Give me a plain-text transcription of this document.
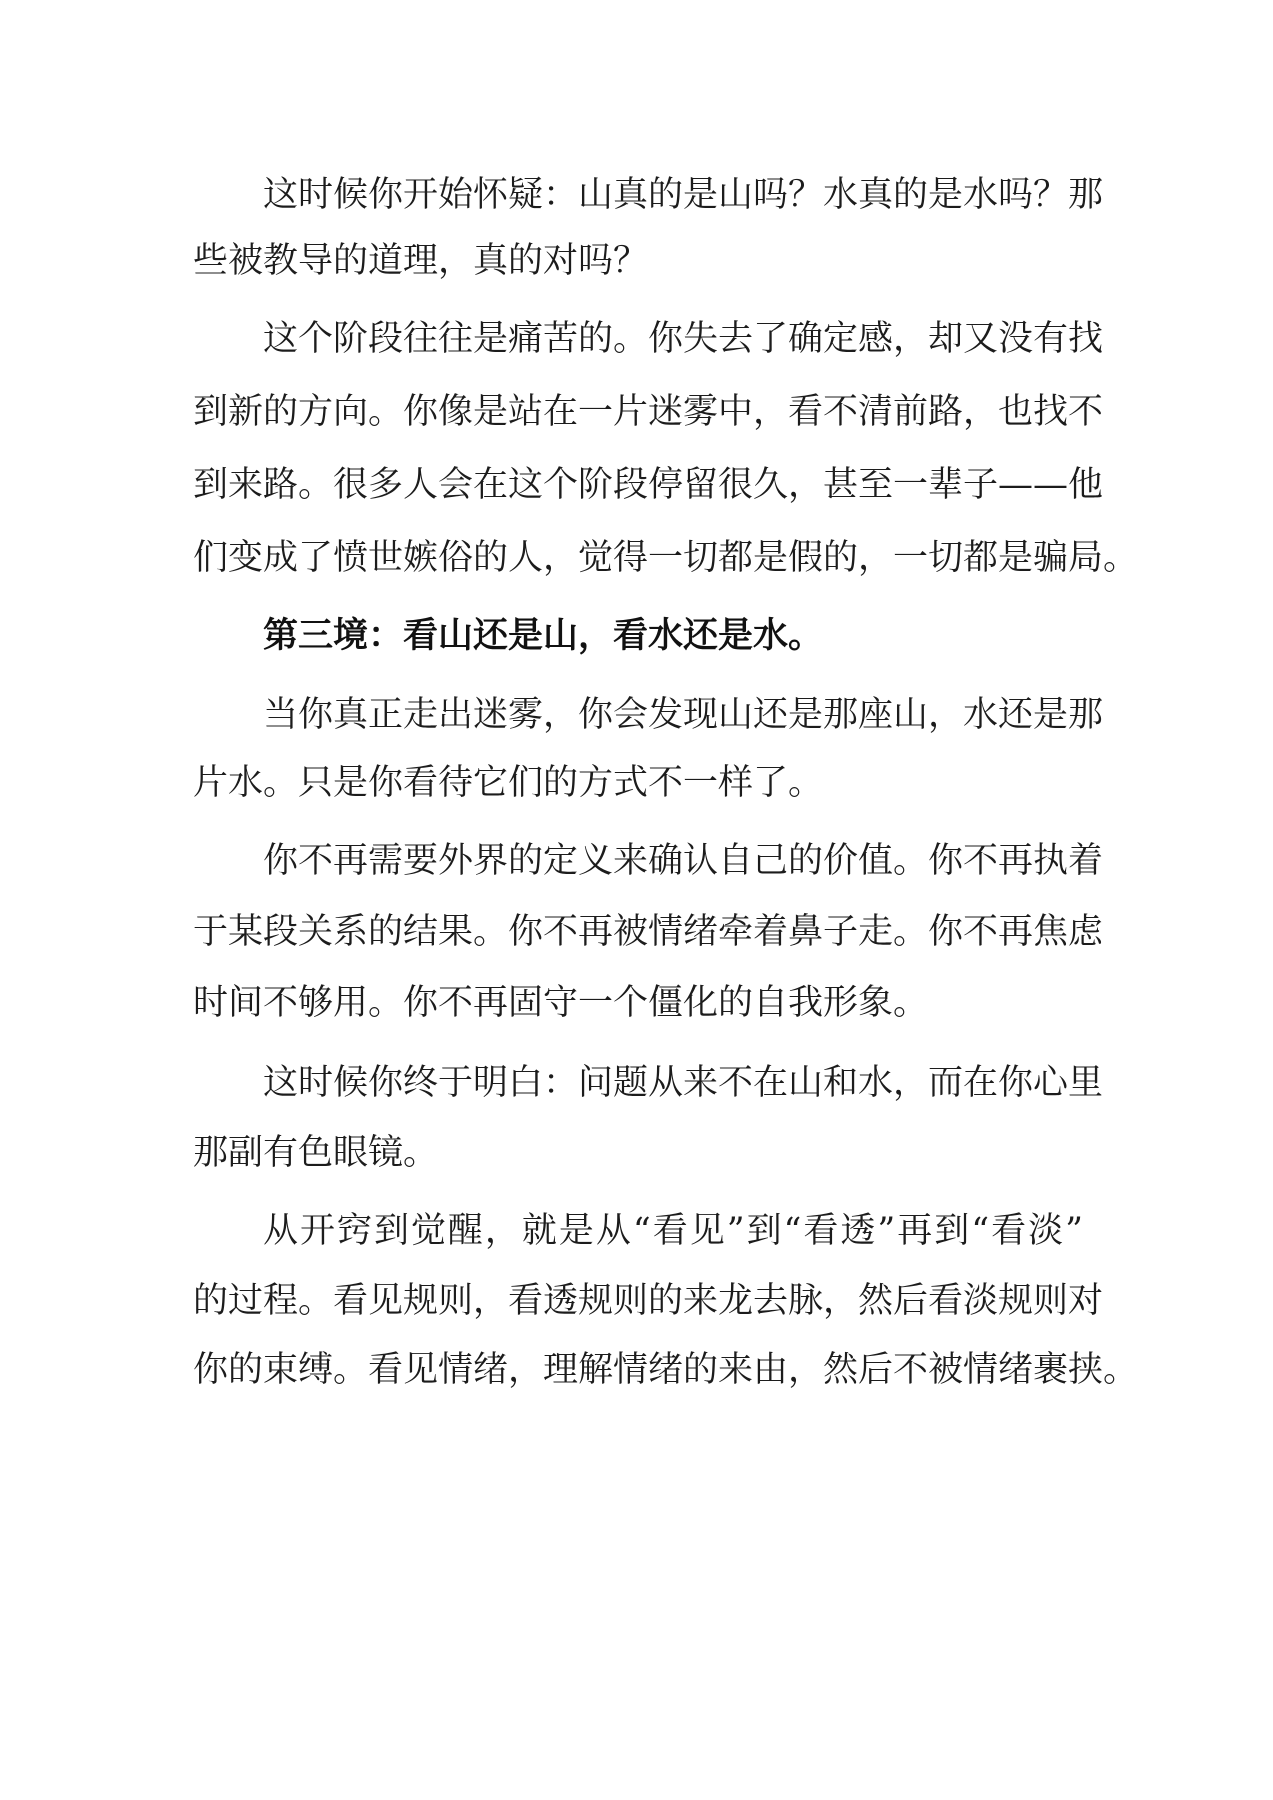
这时候你开始怀疑：山真的是山吗？水真的是水吗？那
些被教导的道理，真的对吗？
这个阶段往往是痛苦的。你失去了确定感，却又没有找
到新的方向。你像是站在一片迷雾中，看不清前路，也找不
到来路。很多人会在这个阶段停留很久，甚至一辈子——他
们变成了愤世嫉俗的人，觉得一切都是假的，一切都是骗局。
第三境：看山还是山，看水还是水。
当你真正走出迷雾，你会发现山还是那座山，水还是那
片水。只是你看待它们的方式不一样了。
你不再需要外界的定义来确认自己的价值。你不再执着
于某段关系的结果。你不再被情绪牵着鼻子走。你不再焦虑
时间不够用。你不再固守一个僵化的自我形象。
这时候你终于明白：问题从来不在山和水，而在你心里
那副有色眼镜。
从开窍到觉醒，就是从“看见”到“看透”再到“看淡”
的过程。看见规则，看透规则的来龙去脉，然后看淡规则对
你的束缚。看见情绪，理解情绪的来由，然后不被情绪裹挟。
